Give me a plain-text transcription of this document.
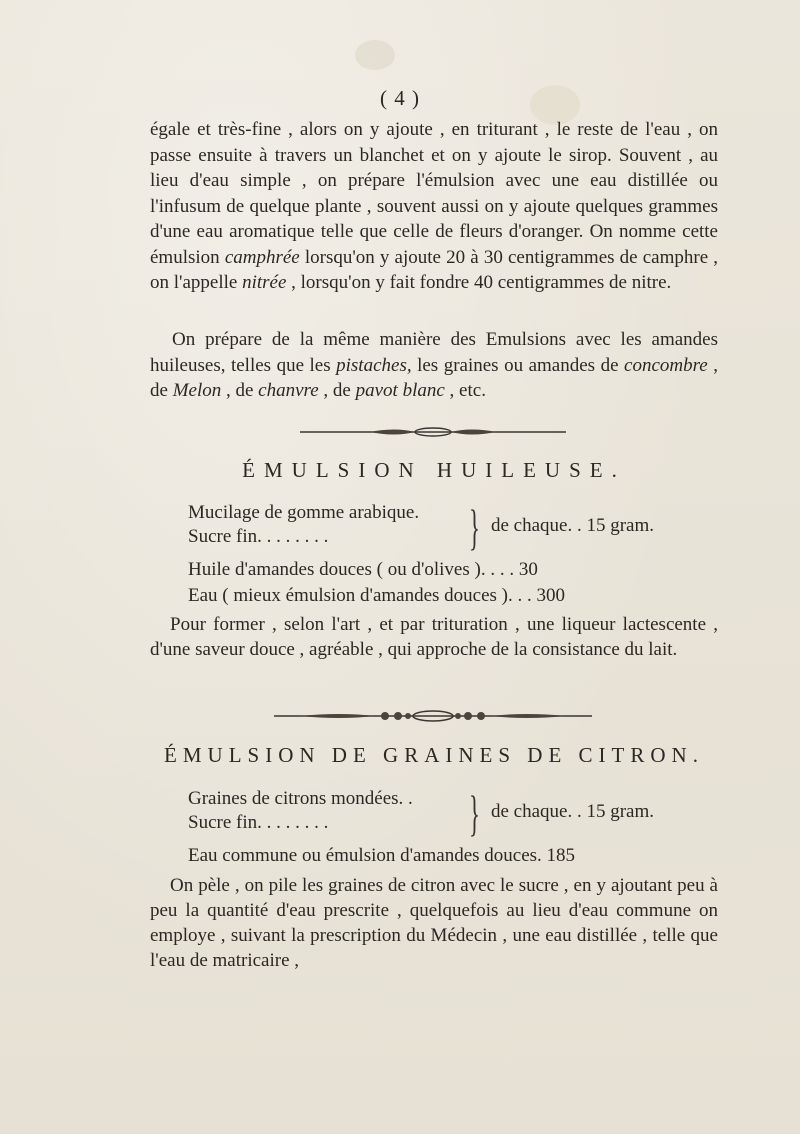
( 4 )
égale et très-fine , alors on y ajoute , en triturant , le reste de l'eau , on passe ensuite à travers un blanchet et on y ajoute le sirop. Souvent , au lieu d'eau simple , on prépare l'émulsion avec une eau distillée ou l'infusum de quelque plante , souvent aussi on y ajoute quelques grammes d'une eau aromatique telle que celle de fleurs d'oranger. On nomme cette émulsion camphrée lorsqu'on y ajoute 20 à 30 centigrammes de camphre , on l'appelle nitrée , lorsqu'on y fait fondre 40 centigrammes de nitre.
On prépare de la même manière des Emulsions avec les amandes huileuses, telles que les pistaches, les graines ou amandes de concombre , de Melon , de chanvre , de pavot blanc , etc.
ÉMULSION HUILEUSE.
Mucilage de gomme arabique.
Sucre fin. . . . . . . .	} de chaque. . 15 gram.
Huile d'amandes douces ( ou d'olives ). . . . 30
Eau ( mieux émulsion d'amandes douces ). . . 300
Pour former , selon l'art , et par trituration , une liqueur lactescente , d'une saveur douce , agréable , qui approche de la consistance du lait.
ÉMULSION DE GRAINES DE CITRON.
Graines de citrons mondées. .
Sucre fin. . . . . . . .	} de chaque. . 15 gram.
Eau commune ou émulsion d'amandes douces. 185
On pèle , on pile les graines de citron avec le sucre , en y ajoutant peu à peu la quantité d'eau prescrite , quelquefois au lieu d'eau commune on employe , suivant la prescription du Médecin , une eau distillée , telle que l'eau de matricaire ,
